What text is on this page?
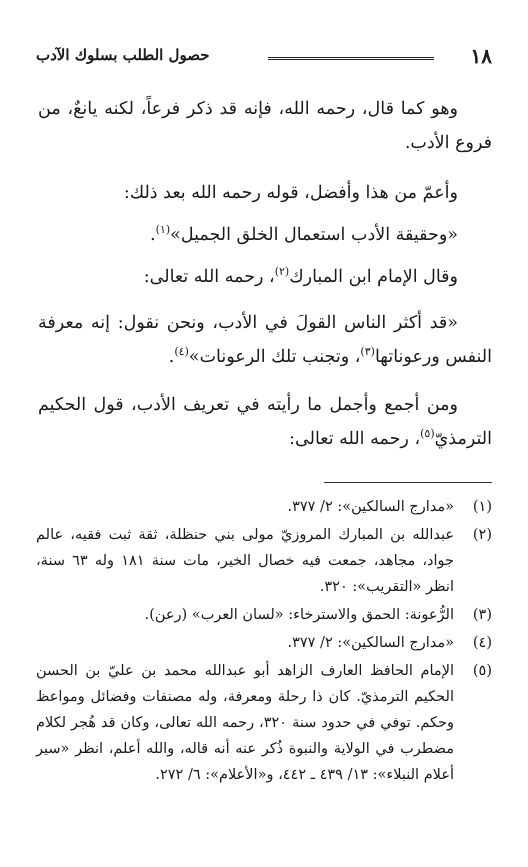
١٨
حصول الطلب بسلوك الآدب

وهو كما قال، رحمه الله، فإنه قد ذكر فرعاً، لكنه يانعٌ، من فروع الأدب.

وأعمّ من هذا وأفضل، قوله رحمه الله بعد ذلك:

«وحقيقة الأدب استعمال الخلق الجميل»$^{(١)}$.

وقال الإمام ابن المبارك$^{(٢)}$، رحمه الله تعالى:

«قد أكثر الناس القولَ في الأدب، ونحن نقول: إنه معرفة النفس ورعوناتها$^{(٣)}$، وتجنب تلك الرعونات»$^{(٤)}$.

ومن أجمع وأجمل ما رأيته في تعريف الأدب، قول الحكيم الترمذيّ$^{(٥)}$، رحمه الله تعالى:

(١)
«مدارج السالكين»: ٢/ ٣٧٧.
(٢)
عبدالله بن المبارك المروزيّ مولى بني حنظلة، ثقة ثبت فقيه، عالم جواد، مجاهد، جمعت فيه خصال الخير، مات سنة ١٨١ وله ٦٣ سنة، انظر «التقريب»: ٣٢٠.
(٣)
الرُّعونة: الحمق والاسترخاء: «لسان العرب» (رعن).
(٤)
«مدارج السالكين»: ٢/ ٣٧٧.
(٥)
الإمام الحافظ العارف الزاهد أبو عبدالله محمد بن عليّ بن الحسن الحكيم الترمذيّ. كان ذا رحلة ومعرفة، وله مصنفات وفضائل ومواعظ وحكم. توفي في حدود سنة ٣٢٠، رحمه الله تعالى، وكان قد هُجر لكلام مضطرب في الولاية والنبوة ذُكر عنه أنه قاله، والله أعلم، انظر «سير أعلام النبلاء»: ١٣/ ٤٣٩ ـ ٤٤٢، و«الأعلام»: ٦/ ٢٧٢.
